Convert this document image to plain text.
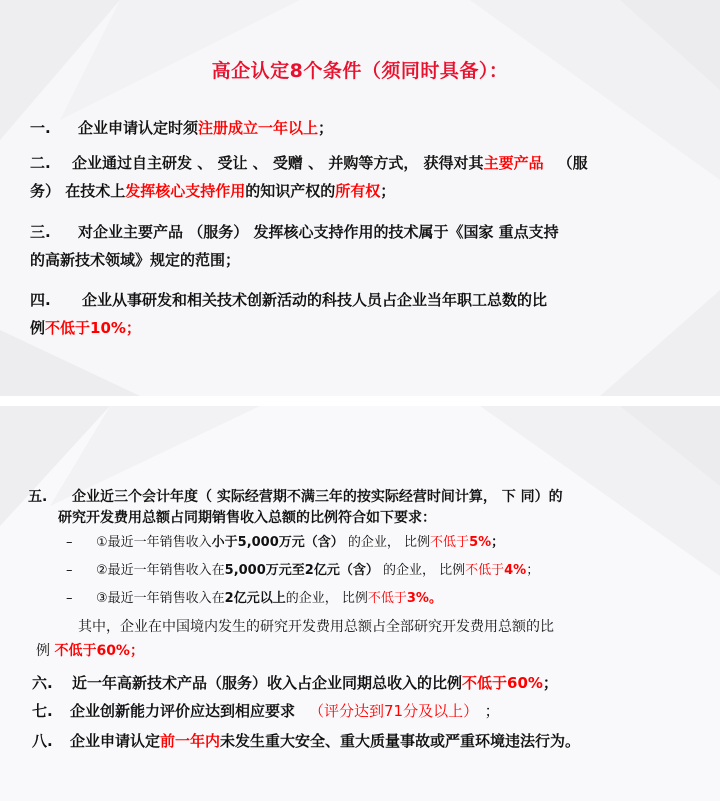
高企认定8个条件（须同时具备）：
一. 企业申请认定时须注册成立一年以上；
二. 企业通过自主研发 、 受让 、 受赠 、 并购等方式， 获得对其主要产品 （服
务） 在技术上发挥核心支持作用的知识产权的所有权；
三. 对企业主要产品 （服务） 发挥核心支持作用的技术属于《国家 重点支持
的高新技术领域》规定的范围；
四. 企业从事研发和相关技术创新活动的科技人员占企业当年职工总数的比
例不低于10%；
五. 企业近三个会计年度（ 实际经营期不满三年的按实际经营时间计算， 下 同）的
研究开发费用总额占同期销售收入总额的比例符合如下要求：
– ①最近一年销售收入小于5,000万元（含） 的企业， 比例不低于5%；
– ②最近一年销售收入在5,000万元至2亿元（含） 的企业， 比例不低于4%；
– ③最近一年销售收入在2亿元以上的企业， 比例不低于3%。
其中，企业在中国境内发生的研究开发费用总额占全部研究开发费用总额的比
例 不低于60%；
六. 近一年高新技术产品（服务）收入占企业同期总收入的比例不低于60%；
七. 企业创新能力评价应达到相应要求 （评分达到71分及以上） ；
八. 企业申请认定前一年内未发生重大安全、重大质量事故或严重环境违法行为。
